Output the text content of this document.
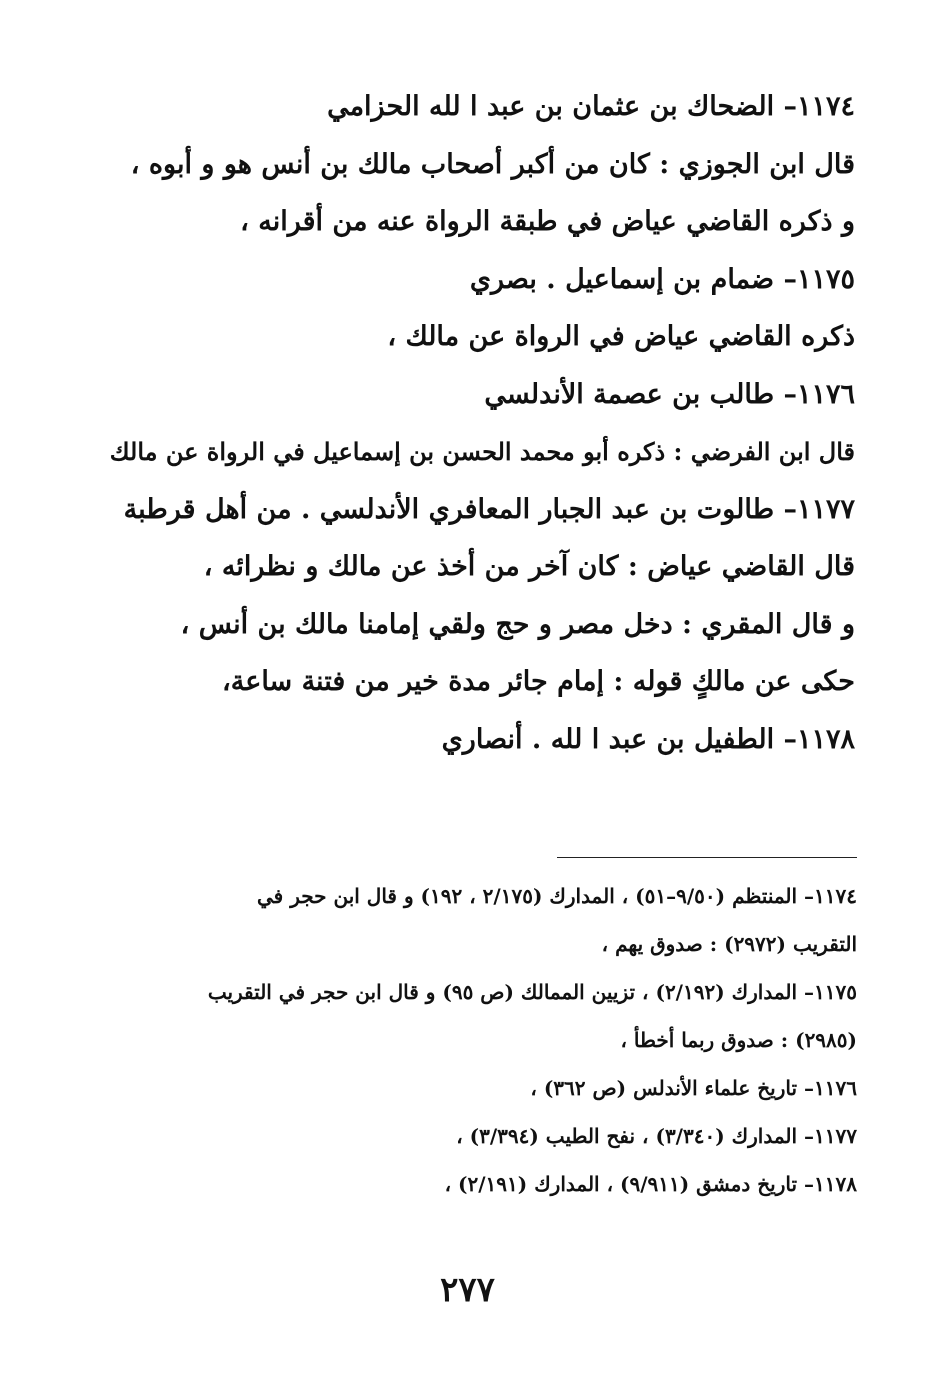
١١٧٤– الضحاك بن عثمان بن عبد ا لله الحزامي
قال ابن الجوزي : كان من أكبر أصحاب مالك بن أنس هو و أبوه ،
و ذكره القاضي عياض في طبقة الرواة عنه من أقرانه ،
١١٧٥– ضمام بن إسماعيل . بصري
ذكره القاضي عياض في الرواة عن مالك ،
١١٧٦– طالب بن عصمة الأندلسي
قال ابن الفرضي : ذكره أبو محمد الحسن بن إسماعيل في الرواة عن مالك
١١٧٧– طالوت بن عبد الجبار المعافري الأندلسي . من أهل قرطبة
قال القاضي عياض : كان آخر من أخذ عن مالك و نظرائه ،
و قال المقري : دخل مصر و حج ولقي إمامنا مالك بن أنس ،
حكى عن مالكٍ قوله : إمام جائر مدة خير من فتنة ساعة،
١١٧٨– الطفيل بن عبد ا لله . أنصاري
١١٧٤– المنتظم (٩/٥٠–٥١) ، المدارك (٢/١٧٥ ، ١٩٢) و قال ابن حجر في
التقريب (٢٩٧٢) : صدوق يهم ،
١١٧٥– المدارك (٢/١٩٢) ، تزيين الممالك (ص ٩٥) و قال ابن حجر في التقريب
(٢٩٨٥) : صدوق ربما أخطأ ،
١١٧٦– تاريخ علماء الأندلس (ص ٣٦٢) ،
١١٧٧– المدارك (٣/٣٤٠) ، نفح الطيب (٣/٣٩٤) ،
١١٧٨– تاريخ دمشق (٩/٩١١) ، المدارك (٢/١٩١) ،
٢٧٧
